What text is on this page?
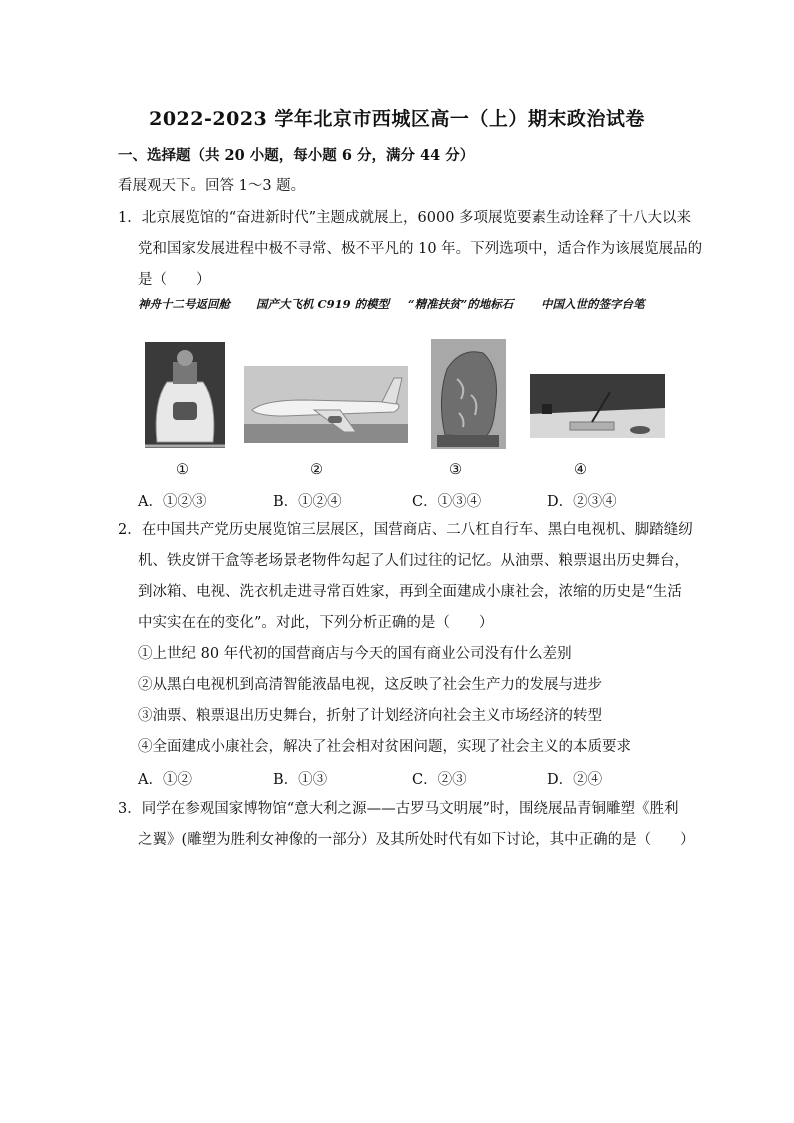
2022-2023 学年北京市西城区高一（上）期末政治试卷
一、选择题（共 20 小题，每小题 6 分，满分 44 分）
看展观天下。回答 1～3 题。
1．北京展览馆的“奋进新时代”主题成就展上，6000 多项展览要素生动诠释了十八大以来
党和国家发展进程中极不寻常、极不平凡的 10 年。下列选项中，适合作为该展览展品的
是（　　）
神舟十二号返回舱 国产大飞机 C919 的模型 “精准扶贫”的地标石 中国入世的签字台笔
①	②	③	④
A．①②③	B．①②④	C．①③④	D．②③④
2．在中国共产党历史展览馆三层展区，国营商店、二八杠自行车、黑白电视机、脚踏缝纫
机、铁皮饼干盒等老场景老物件勾起了人们过往的记忆。从油票、粮票退出历史舞台，
到冰箱、电视、洗衣机走进寻常百姓家，再到全面建成小康社会，浓缩的历史是“生活
中实实在在的变化”。对此，下列分析正确的是（　　）
①上世纪 80 年代初的国营商店与今天的国有商业公司没有什么差别
②从黑白电视机到高清智能液晶电视，这反映了社会生产力的发展与进步
③油票、粮票退出历史舞台，折射了计划经济向社会主义市场经济的转型
④全面建成小康社会，解决了社会相对贫困问题，实现了社会主义的本质要求
A．①②	B．①③	C．②③	D．②④
3．同学在参观国家博物馆“意大利之源——古罗马文明展”时，围绕展品青铜雕塑《胜利
之翼》(雕塑为胜利女神像的一部分）及其所处时代有如下讨论，其中正确的是（　　）
